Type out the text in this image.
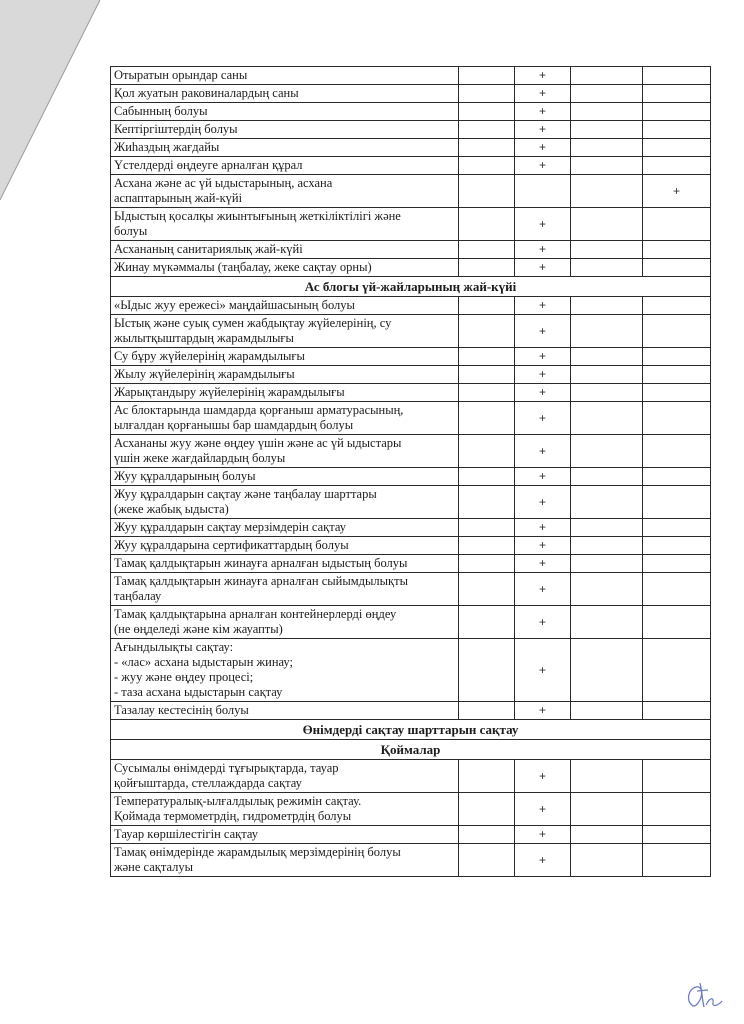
Отыратын орындар саны		+		
Қол жуатын раковиналардың саны		+		
Сабынның болуы		+		
Кептіргіштердің болуы		+		
Жиһаздың жағдайы		+		
Үстелдерді өңдеуге арналған құрал		+		
Асхана және ас үй ыдыстарының, асхана
аспаптарының жай-күйі				+
Ыдыстың қосалқы жиынтығының жеткіліктілігі және
болуы		+		
Асхананың санитариялық жай-күйі		+		
Жинау мүкәммалы (таңбалау, жеке сақтау орны)		+		
Ас блогы үй-жайларының жай-күйі				
«Ыдыс жуу ережесі» маңдайшасының болуы		+		
Ыстық және суық сумен жабдықтау жүйелерінің, су
жылытқыштардың жарамдылығы		+		
Су бұру жүйелерінің жарамдылығы		+		
Жылу жүйелерінің жарамдылығы		+		
Жарықтандыру жүйелерінің жарамдылығы		+		
Ас блоктарында шамдарда қорғаныш арматурасының,
ылғалдан қорғанышы бар шамдардың болуы		+		
Асхананы жуу және өңдеу үшін және ас үй ыдыстары
үшін жеке жағдайлардың болуы		+		
Жуу құралдарының болуы		+		
Жуу құралдарын сақтау және таңбалау шарттары
(жеке жабық ыдыста)		+		
Жуу құралдарын сақтау мерзімдерін сақтау		+		
Жуу құралдарына сертификаттардың болуы		+		
Тамақ қалдықтарын жинауға арналған ыдыстың болуы		+		
Тамақ қалдықтарын жинауға арналған сыйымдылықты
таңбалау		+		
Тамақ қалдықтарына арналған контейнерлерді өңдеу
(не өңделеді және кім жауапты)		+		
Ағындылықты сақтау:
- «лас» асхана ыдыстарын жинау;
- жуу және өңдеу процесі;
- таза асхана ыдыстарын сақтау		+		
Тазалау кестесінің болуы		+		
Өнімдерді сақтау шарттарын сақтау				
Қоймалар				
Сусымалы өнімдерді тұғырықтарда, тауар
қойғыштарда, стеллаждарда сақтау		+		
Температуралық-ылғалдылық режимін сақтау.
Қоймада термометрдің, гидрометрдің болуы		+		
Тауар көршілестігін сақтау		+		
Тамақ өнімдерінде жарамдылық мерзімдерінің болуы
және сақталуы		+		
